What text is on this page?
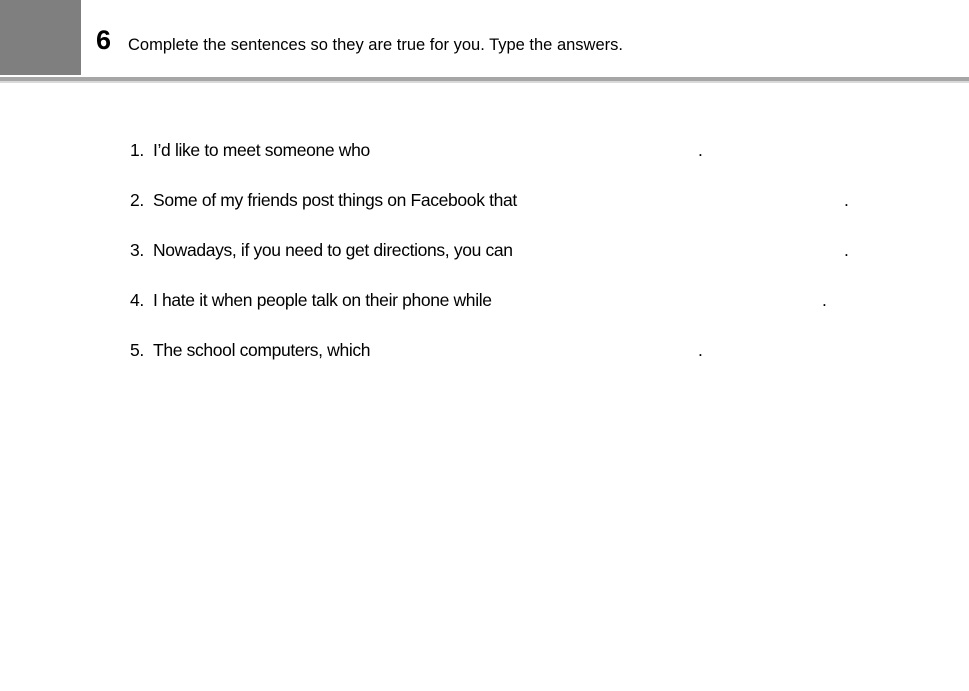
6 Complete the sentences so they are true for you. Type the answers.
1. I’d like to meet someone who	.
2. Some of my friends post things on Facebook that	.
3. Nowadays, if you need to get directions, you can	.
4. I hate it when people talk on their phone while	.
5. The school computers, which	.
